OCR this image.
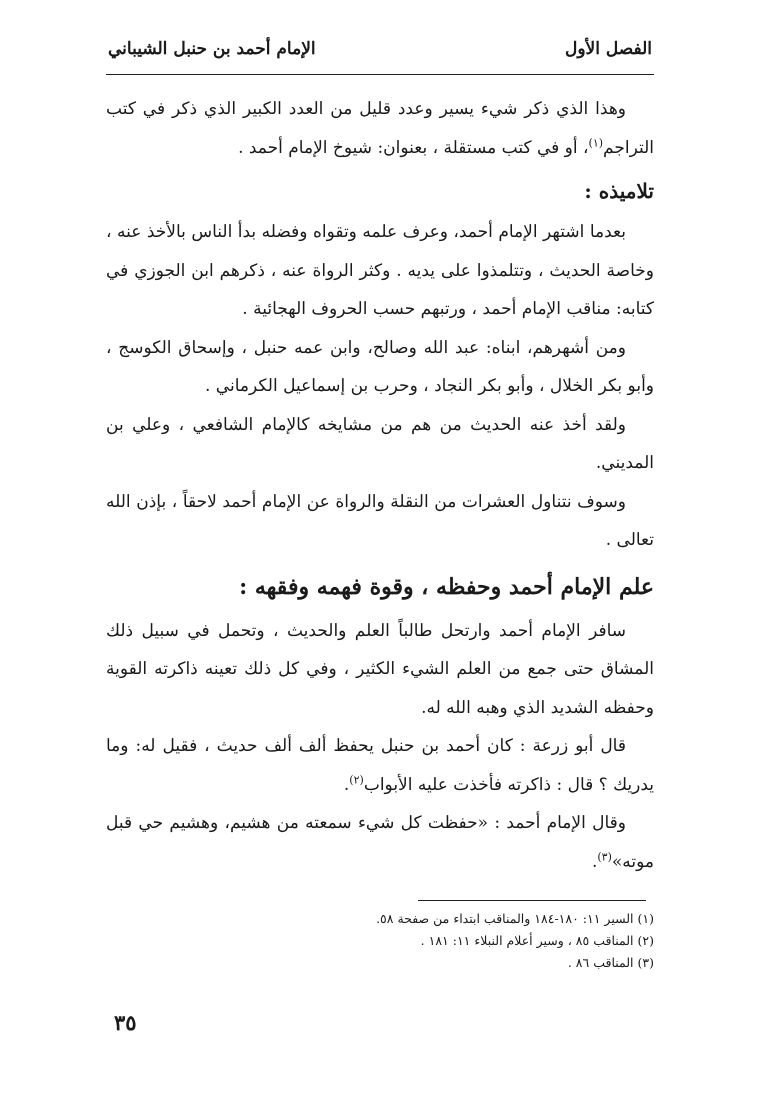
الفصل الأول
الإمام أحمد بن حنبل الشيباني

وهذا الذي ذكر شيء يسير وعدد قليل من العدد الكبير الذي ذكر في كتب التراجم$^{(١)}$، أو في كتب مستقلة ، بعنوان: شيوخ الإمام أحمد .

تلاميذه :

بعدما اشتهر الإمام أحمد، وعرف علمه وتقواه وفضله بدأ الناس بالأخذ عنه ، وخاصة الحديث ، وتتلمذوا على يديه . وكثر الرواة عنه ، ذكرهم ابن الجوزي في كتابه: مناقب الإمام أحمد ، ورتبهم حسب الحروف الهجائية .

ومن أشهرهم، ابناه: عبد الله وصالح، وابن عمه حنبل ، وإسحاق الكوسج ، وأبو بكر الخلال ، وأبو بكر النجاد ، وحرب بن إسماعيل الكرماني .

ولقد أخذ عنه الحديث من هم من مشايخه كالإمام الشافعي ، وعلي بن المديني.

وسوف نتناول العشرات من النقلة والرواة عن الإمام أحمد لاحقاً ، بإذن الله تعالى .

علم الإمام أحمد وحفظه ، وقوة فهمه وفقهه :

سافر الإمام أحمد وارتحل طالباً العلم والحديث ، وتحمل في سبيل ذلك المشاق حتى جمع من العلم الشيء الكثير ، وفي كل ذلك تعينه ذاكرته القوية وحفظه الشديد الذي وهبه الله له.

قال أبو زرعة : كان أحمد بن حنبل يحفظ ألف ألف حديث ، فقيل له: وما يدريك ؟ قال : ذاكرته فأخذت عليه الأبواب$^{(٢)}$.

وقال الإمام أحمد : «حفظت كل شيء سمعته من هشيم، وهشيم حي قبل موته»$^{(٣)}$.

(١) السير ١١: ١٨٠-١٨٤ والمناقب ابتداء من صفحة ٥٨.
(٢) المناقب ٨٥ ، وسير أعلام النبلاء ١١: ١٨١ .
(٣) المناقب ٨٦ .
٣٥
